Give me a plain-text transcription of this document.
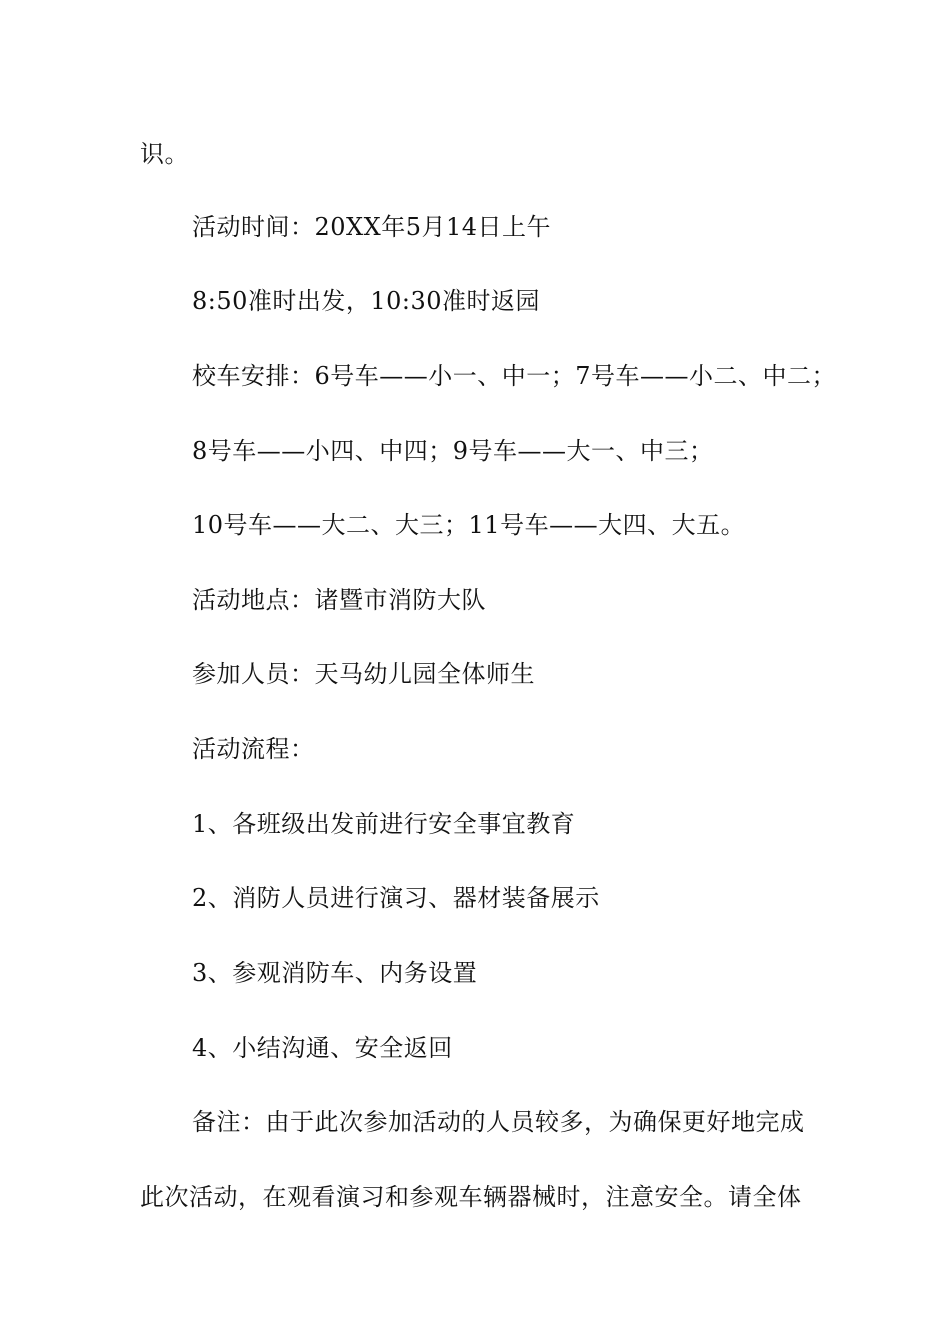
识。
活动时间：20XX年5月14日上午
8:50准时出发，10:30准时返园
校车安排：6号车——小一、中一；7号车——小二、中二；
8号车——小四、中四；9号车——大一、中三；
10号车——大二、大三；11号车——大四、大五。
活动地点：诸暨市消防大队
参加人员：天马幼儿园全体师生
活动流程：
1、各班级出发前进行安全事宜教育
2、消防人员进行演习、器材装备展示
3、参观消防车、内务设置
4、小结沟通、安全返回
备注：由于此次参加活动的人员较多，为确保更好地完成
此次活动，在观看演习和参观车辆器械时，注意安全。请全体
